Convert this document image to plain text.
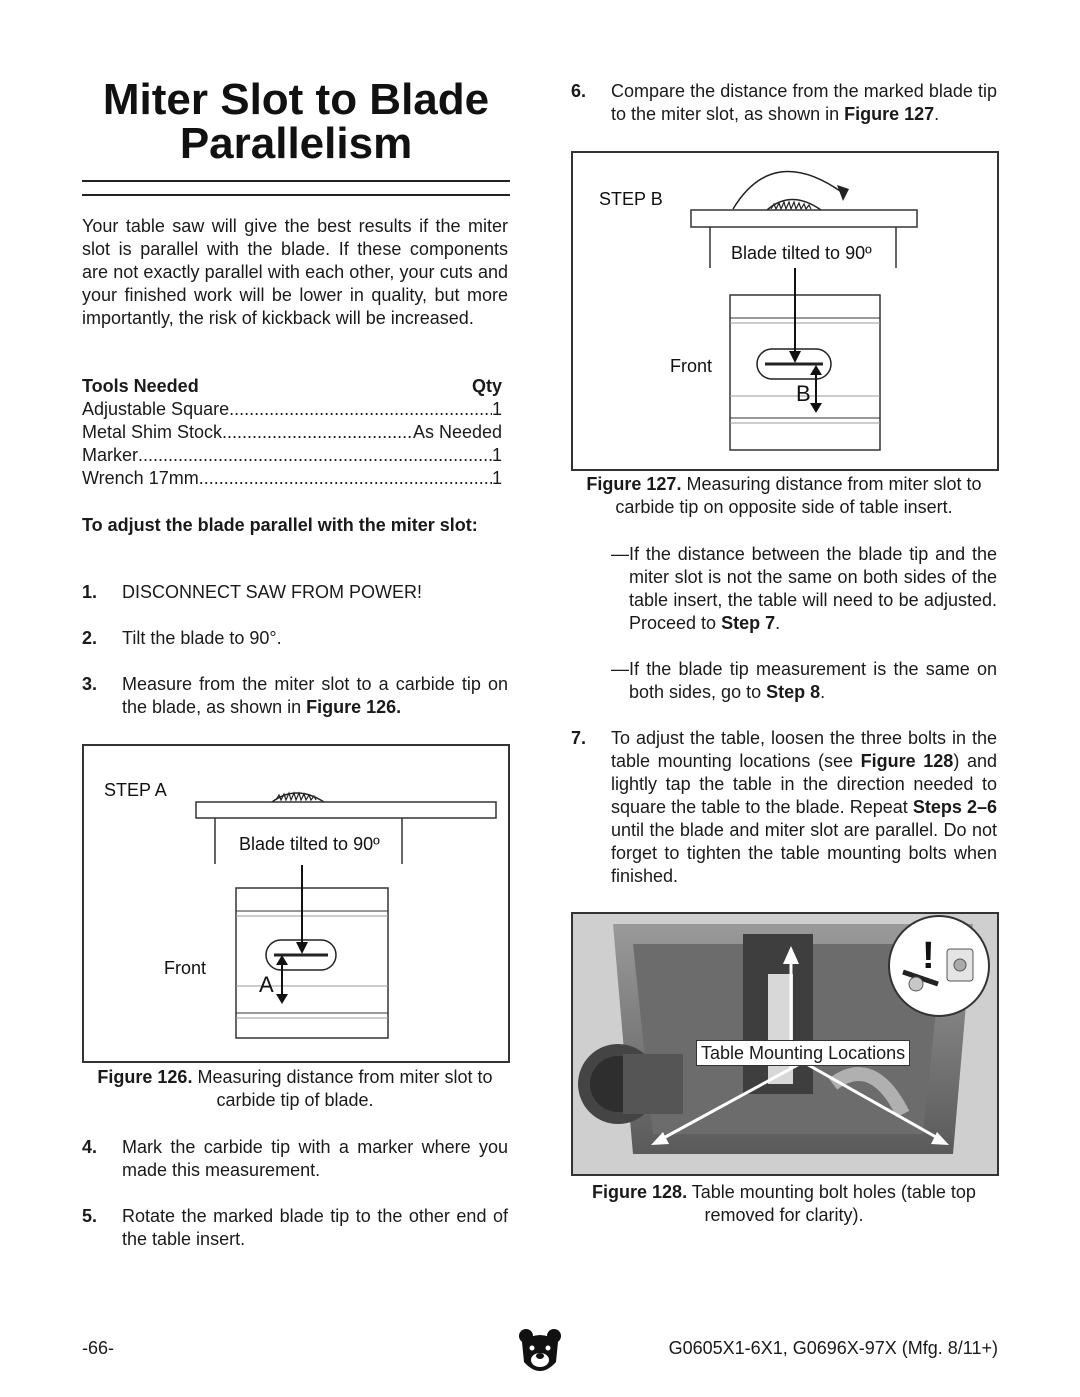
Miter Slot to Blade
Parallelism
Your table saw will give the best results if the miter slot is parallel with the blade. If these components are not exactly parallel with each other, your cuts and your finished work will be lower in quality, but more importantly, the risk of kickback will be increased.
Tools Needed	Qty
Adjustable Square .....	1
Metal Shim Stock .....	As Needed
Marker .....	1
Wrench 17mm .....	1
To adjust the blade parallel with the miter slot:
1.	DISCONNECT SAW FROM POWER!
2.	Tilt the blade to 90°.
3.	Measure from the miter slot to a carbide tip on the blade, as shown in Figure 126.
STEP A
Blade tilted to 90º
Front
A
Figure 126. Measuring distance from miter slot to carbide tip of blade.
4.	Mark the carbide tip with a marker where you made this measurement.
5.	Rotate the marked blade tip to the other end of the table insert.
6.	Compare the distance from the marked blade tip to the miter slot, as shown in Figure 127.
STEP B
Blade tilted to 90º
Front
B
Figure 127. Measuring distance from miter slot to carbide tip on opposite side of table insert.
—If the distance between the blade tip and the miter slot is not the same on both sides of the table insert, the table will need to be adjusted. Proceed to Step 7.
—If the blade tip measurement is the same on both sides, go to Step 8.
7.	To adjust the table, loosen the three bolts in the table mounting locations (see Figure 128) and lightly tap the table in the direction needed to square the table to the blade. Repeat Steps 2–6 until the blade and miter slot are parallel. Do not forget to tighten the table mounting bolts when finished.
!
Table Mounting Locations
Figure 128. Table mounting bolt holes (table top removed for clarity).
-66-	G0605X1-6X1, G0696X-97X (Mfg. 8/11+)
